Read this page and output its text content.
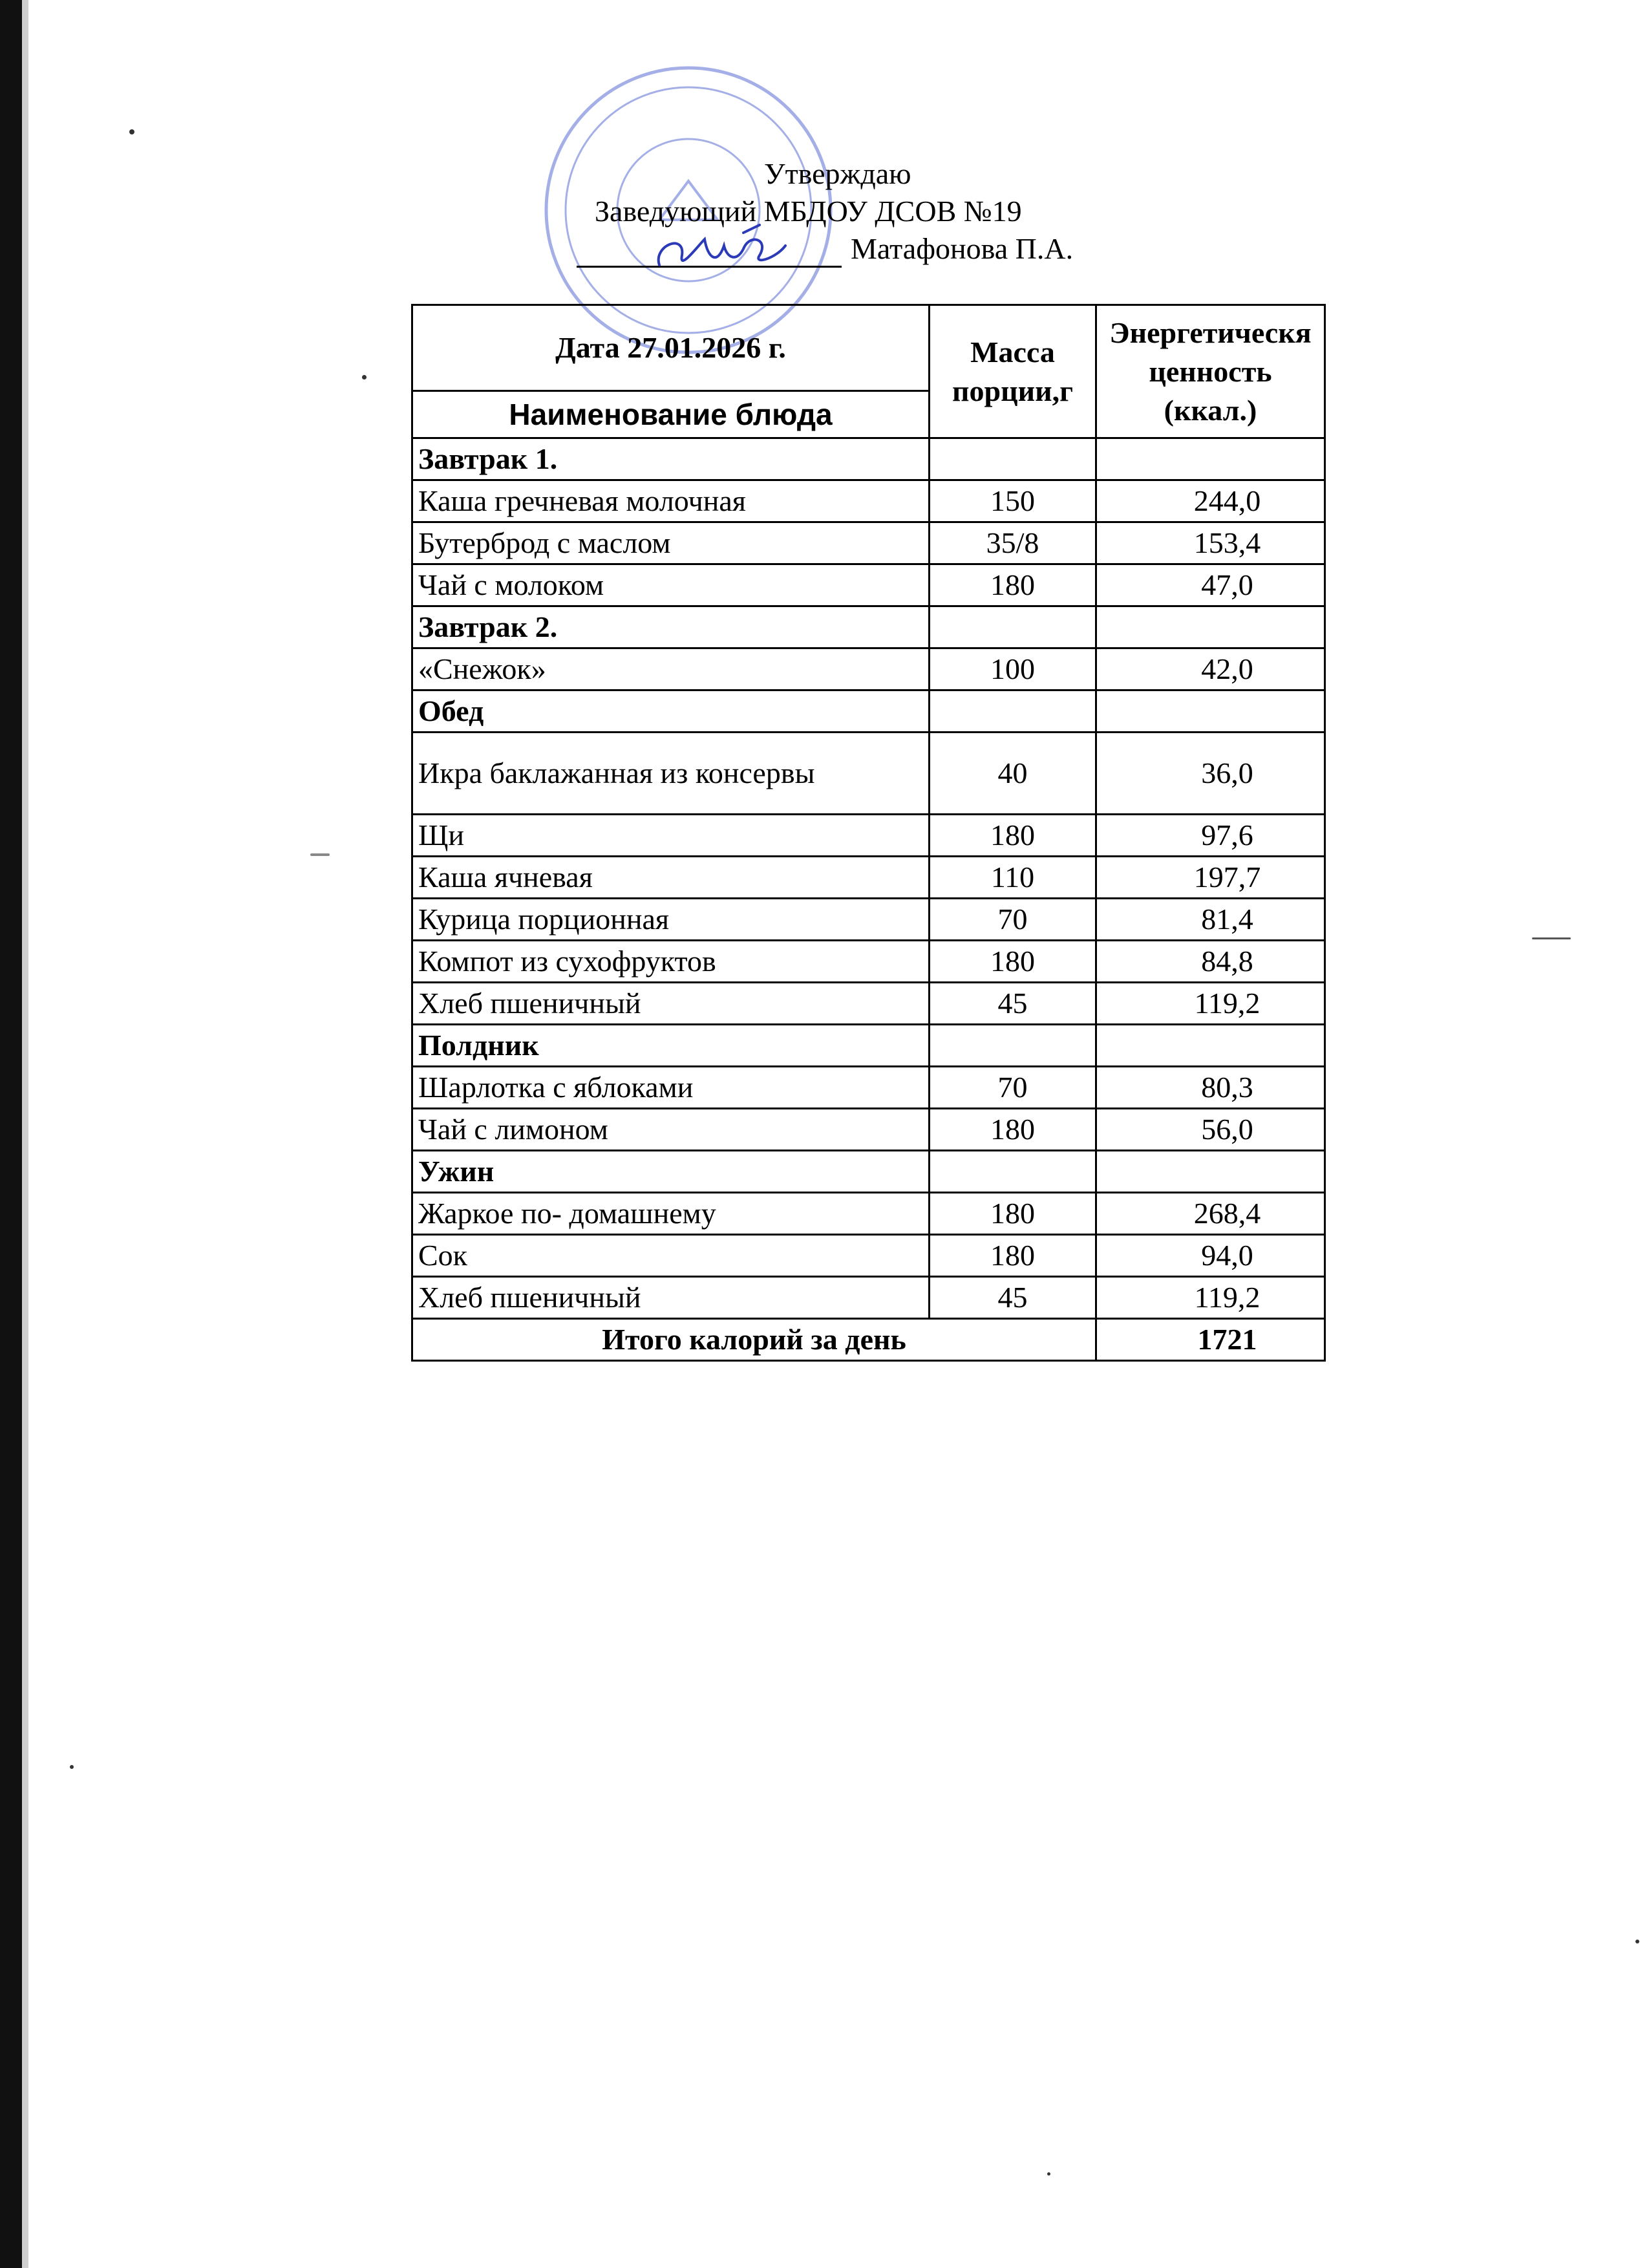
Утверждаю
Заведующий МБДОУ ДСОВ №19
Матафонова П.А.
Дата 27.01.2026 г.	Масса порции,г	Энергетическя ценность (ккал.)
Наименование блюда		
Завтрак 1.		
Каша гречневая молочная	150	244,0
Бутерброд с маслом	35/8	153,4
Чай с молоком	180	47,0
Завтрак 2.		
«Снежок»	100	42,0
Обед		
Икра баклажанная из консервы	40	36,0
Щи	180	97,6
Каша ячневая	110	197,7
Курица порционная	70	81,4
Компот из сухофруктов	180	84,8
Хлеб пшеничный	45	119,2
Полдник		
Шарлотка с яблоками	70	80,3
Чай с лимоном	180	56,0
Ужин		
Жаркое по- домашнему	180	268,4
Сок	180	94,0
Хлеб пшеничный	45	119,2
Итого калорий за день		1721
